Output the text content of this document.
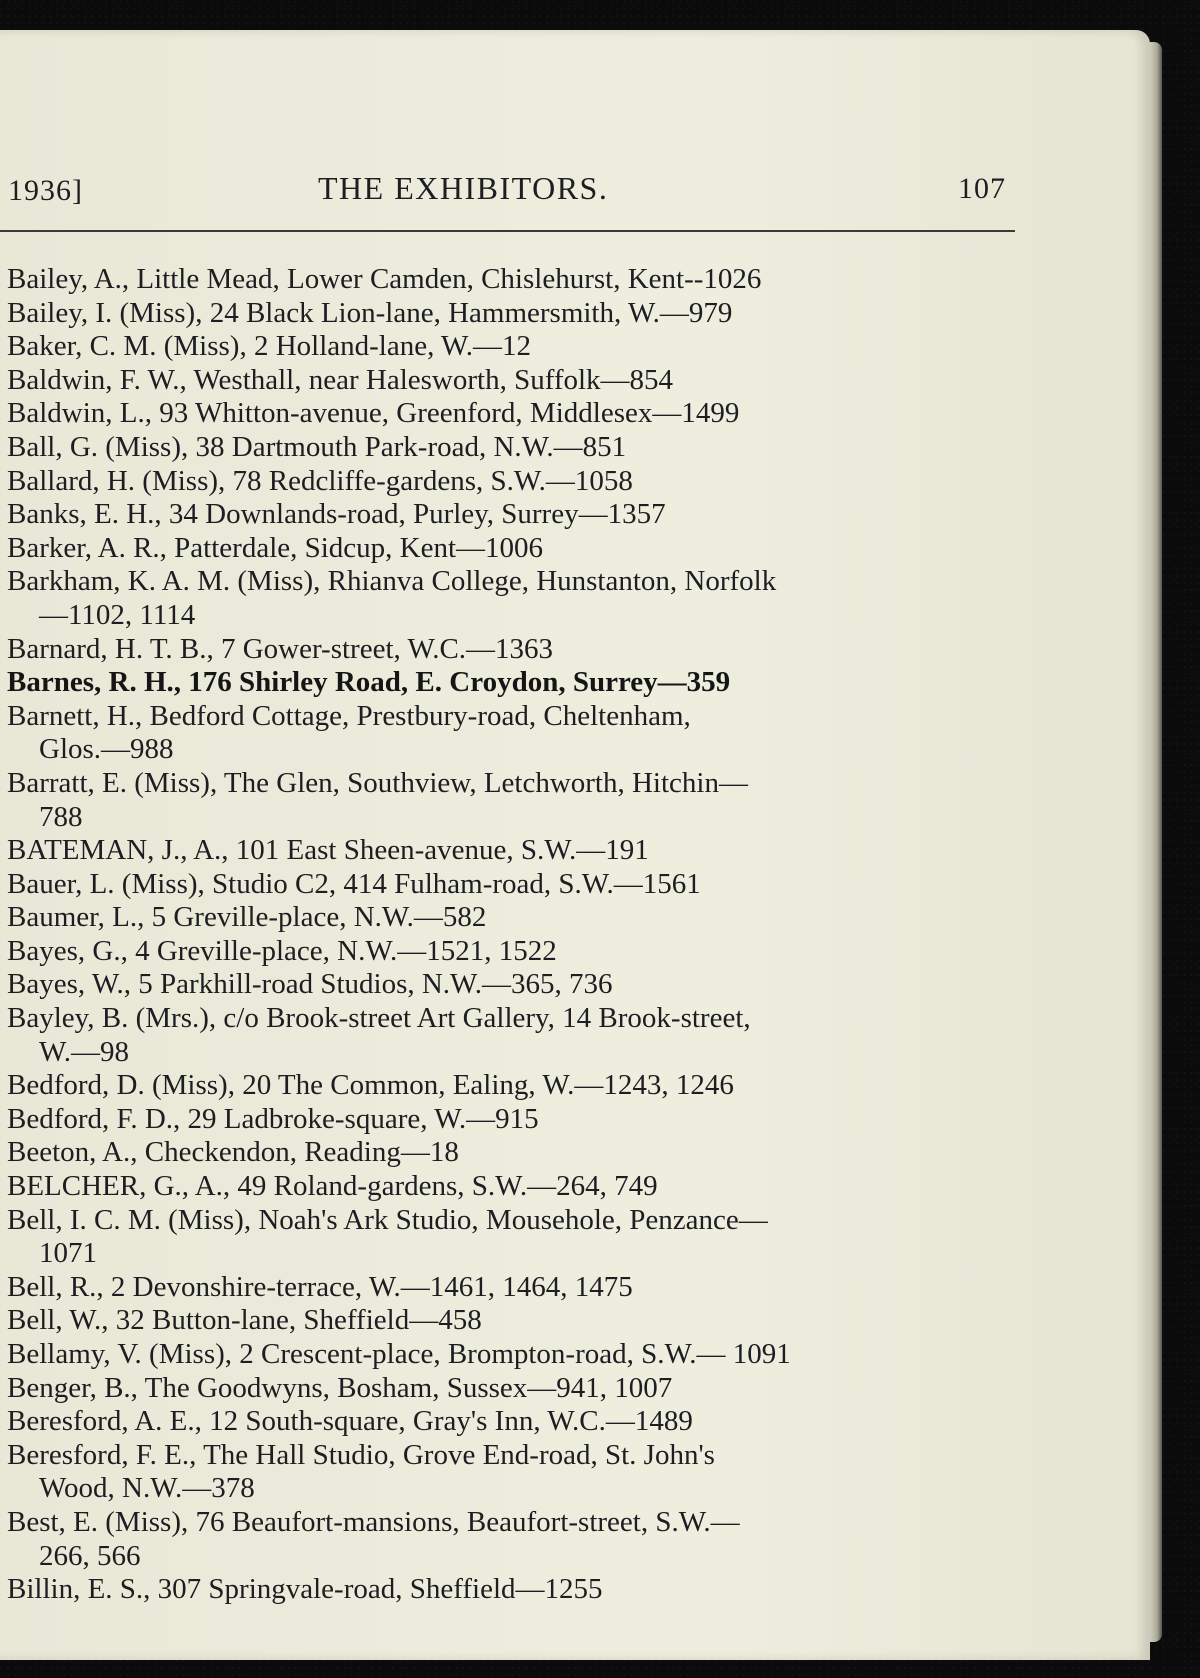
1936]	THE EXHIBITORS.	107
Bailey, A., Little Mead, Lower Camden, Chislehurst, Kent--1026
Bailey, I. (Miss), 24 Black Lion-lane, Hammersmith, W.—979
Baker, C. M. (Miss), 2 Holland-lane, W.—12
Baldwin, F. W., Westhall, near Halesworth, Suffolk—854
Baldwin, L., 93 Whitton-avenue, Greenford, Middlesex—1499
Ball, G. (Miss), 38 Dartmouth Park-road, N.W.—851
Ballard, H. (Miss), 78 Redcliffe-gardens, S.W.—1058
Banks, E. H., 34 Downlands-road, Purley, Surrey—1357
Barker, A. R., Patterdale, Sidcup, Kent—1006
Barkham, K. A. M. (Miss), Rhianva College, Hunstanton, Norfolk
—1102, 1114
Barnard, H. T. B., 7 Gower-street, W.C.—1363
Barnes, R. H., 176 Shirley Road, E. Croydon, Surrey—359
Barnett, H., Bedford Cottage, Prestbury-road, Cheltenham,
Glos.—988
Barratt, E. (Miss), The Glen, Southview, Letchworth, Hitchin—
788
BATEMAN, J., A., 101 East Sheen-avenue, S.W.—191
Bauer, L. (Miss), Studio C2, 414 Fulham-road, S.W.—1561
Baumer, L., 5 Greville-place, N.W.—582
Bayes, G., 4 Greville-place, N.W.—1521, 1522
Bayes, W., 5 Parkhill-road Studios, N.W.—365, 736
Bayley, B. (Mrs.), c/o Brook-street Art Gallery, 14 Brook-street,
W.—98
Bedford, D. (Miss), 20 The Common, Ealing, W.—1243, 1246
Bedford, F. D., 29 Ladbroke-square, W.—915
Beeton, A., Checkendon, Reading—18
BELCHER, G., A., 49 Roland-gardens, S.W.—264, 749
Bell, I. C. M. (Miss), Noah's Ark Studio, Mousehole, Penzance—
1071
Bell, R., 2 Devonshire-terrace, W.—1461, 1464, 1475
Bell, W., 32 Button-lane, Sheffield—458
Bellamy, V. (Miss), 2 Crescent-place, Brompton-road, S.W.— 1091
Benger, B., The Goodwyns, Bosham, Sussex—941, 1007
Beresford, A. E., 12 South-square, Gray's Inn, W.C.—1489
Beresford, F. E., The Hall Studio, Grove End-road, St. John's
Wood, N.W.—378
Best, E. (Miss), 76 Beaufort-mansions, Beaufort-street, S.W.—
266, 566
Billin, E. S., 307 Springvale-road, Sheffield—1255
